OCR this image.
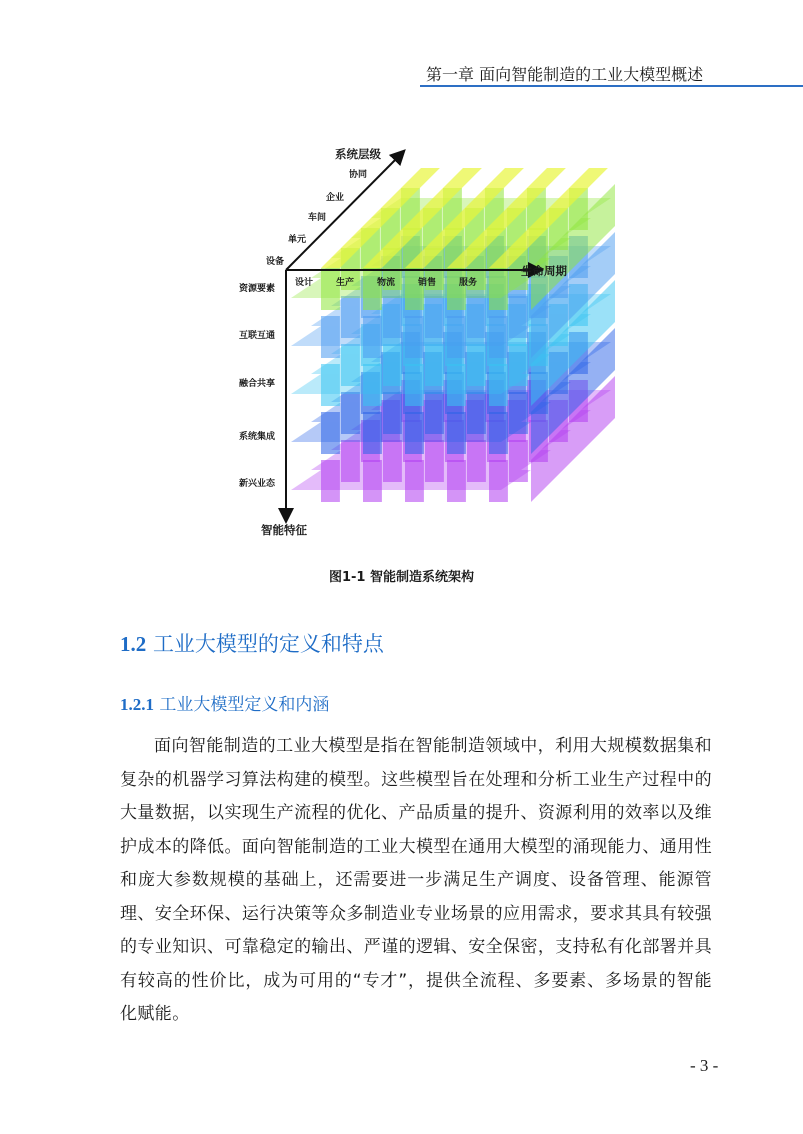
第一章 面向智能制造的工业大模型概述
系统层级
生命周期
智能特征
协同
企业
车间
单元
设备
设计	生产	物流	销售	服务
资源要素
互联互通
融合共享
系统集成
新兴业态
图1-1 智能制造系统架构
1.2 工业大模型的定义和特点
1.2.1 工业大模型定义和内涵
面向智能制造的工业大模型是指在智能制造领域中，利用大规模数据集和复杂的机器学习算法构建的模型。这些模型旨在处理和分析工业生产过程中的大量数据，以实现生产流程的优化、产品质量的提升、资源利用的效率以及维护成本的降低。面向智能制造的工业大模型在通用大模型的涌现能力、通用性和庞大参数规模的基础上，还需要进一步满足生产调度、设备管理、能源管理、安全环保、运行决策等众多制造业专业场景的应用需求，要求其具有较强的专业知识、可靠稳定的输出、严谨的逻辑、安全保密，支持私有化部署并具有较高的性价比，成为可用的“专才”，提供全流程、多要素、多场景的智能化赋能。
- 3 -
